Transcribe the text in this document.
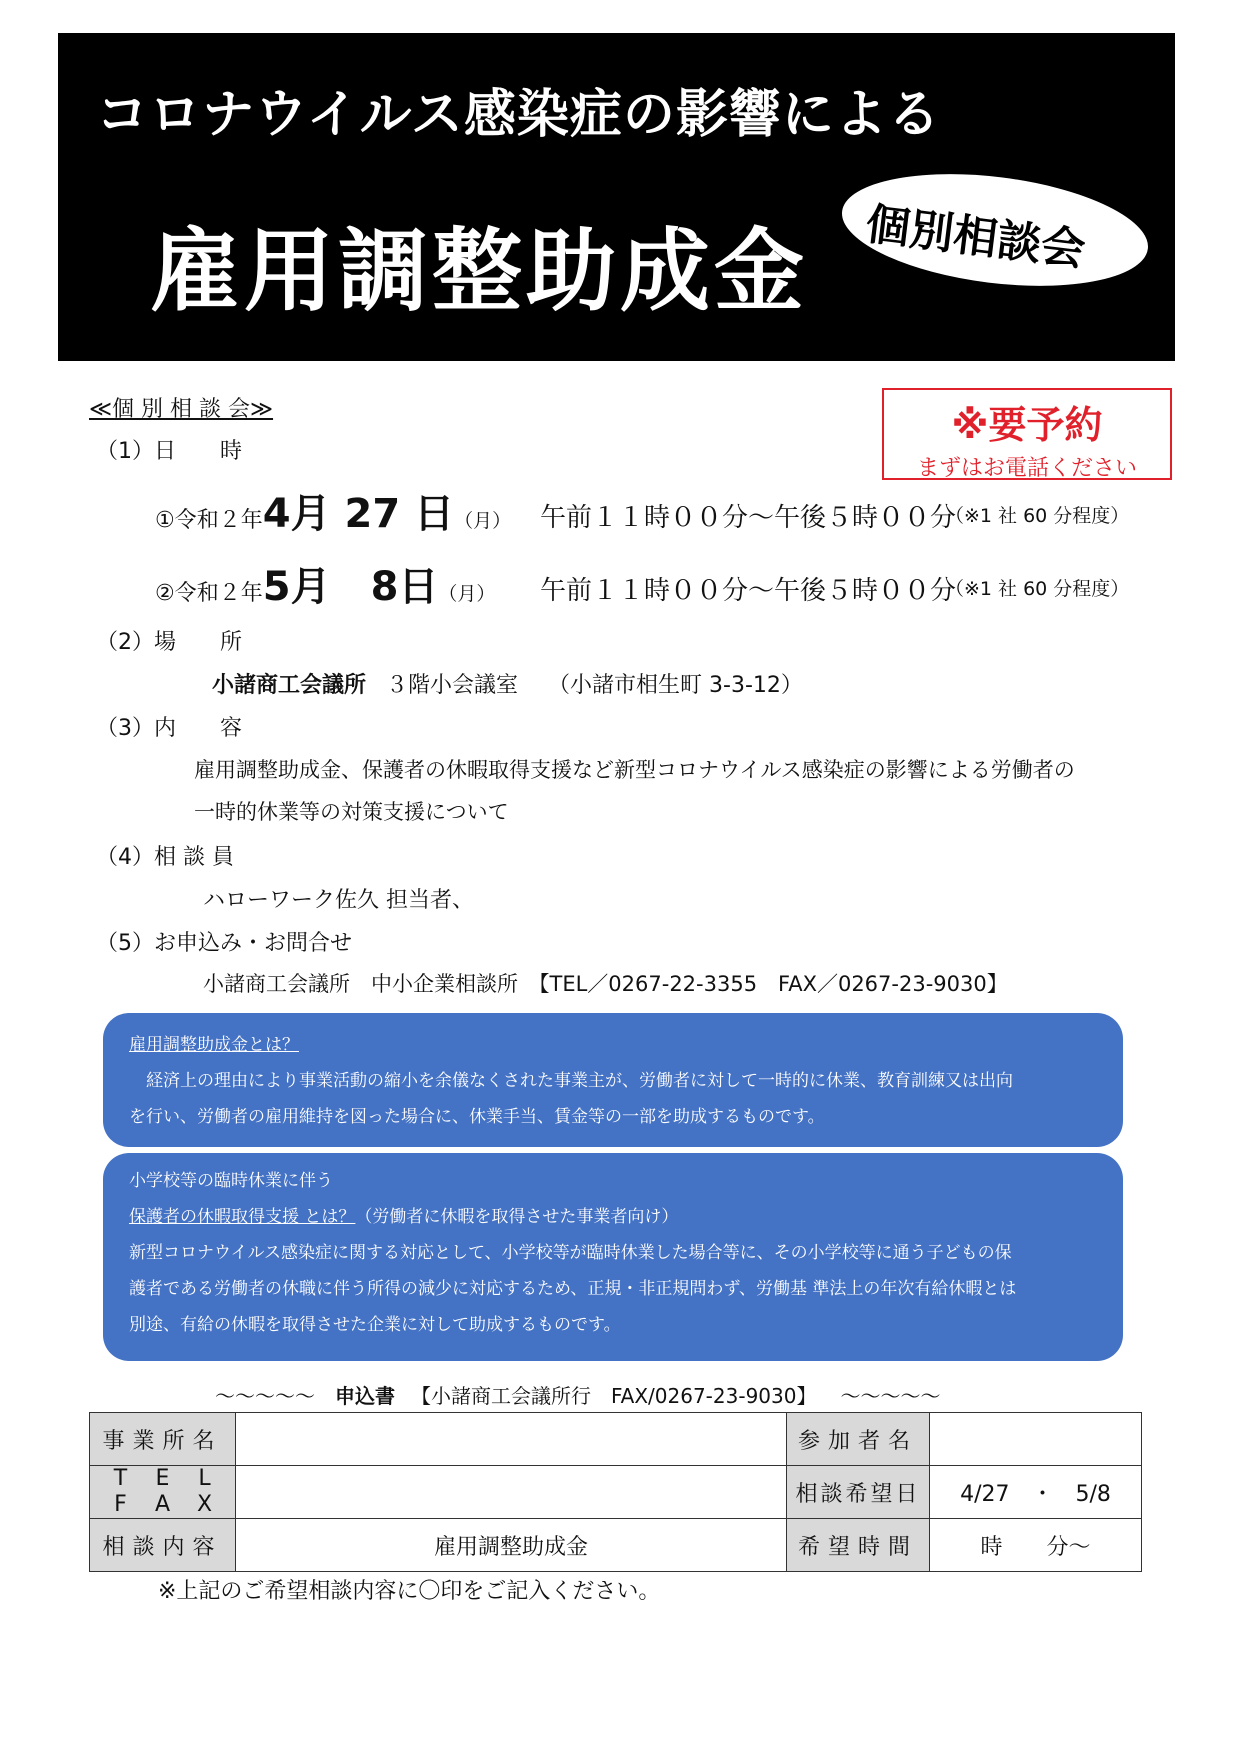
コロナウイルス感染症の影響による
雇用調整助成金 個別相談会
※要予約
まずはお電話ください
≪個 別 相 談 会≫
（1）日　　時
①令和２年4月 27 日（月） 午前１１時００分～午後５時００分
（※1 社 60 分程度）
②令和２年5月　8日（月） 午前１１時００分～午後５時００分
（※1 社 60 分程度）
（2）場　　所
小諸商工会議所 ３階小会議室 （小諸市相生町 3-3-12）
（3）内　　容
雇用調整助成金、保護者の休暇取得支援など新型コロナウイルス感染症の影響による労働者の
一時的休業等の対策支援について
（4）相 談 員
ハローワーク佐久 担当者、
（5）お申込み・お問合せ
小諸商工会議所　中小企業相談所　【TEL／0267-22-3355　FAX／0267-23-9030】
雇用調整助成金とは？
　経済上の理由により事業活動の縮小を余儀なくされた事業主が、労働者に対して一時的に休業、教育訓練又は出向
を行い、労働者の雇用維持を図った場合に、休業手当、賃金等の一部を助成するものです。
小学校等の臨時休業に伴う
保護者の休暇取得支援 とは？（労働者に休暇を取得させた事業者向け）
新型コロナウイルス感染症に関する対応として、小学校等が臨時休業した場合等に、その小学校等に通う子どもの保
護者である労働者の休職に伴う所得の減少に対応するため、正規・非正規問わず、労働基 準法上の年次有給休暇とは
別途、有給の休暇を取得させた企業に対して助成するものです。
～～～～～ 申込書 【小諸商工会議所行　FAX/0267-23-9030】 ～～～～～
事業所名		参加者名	

T E L
F A X		相談希望日	4/27　・　5/8
相談内容	雇用調整助成金	希望時間	時　　分～
※上記のご希望相談内容に〇印をご記入ください。
